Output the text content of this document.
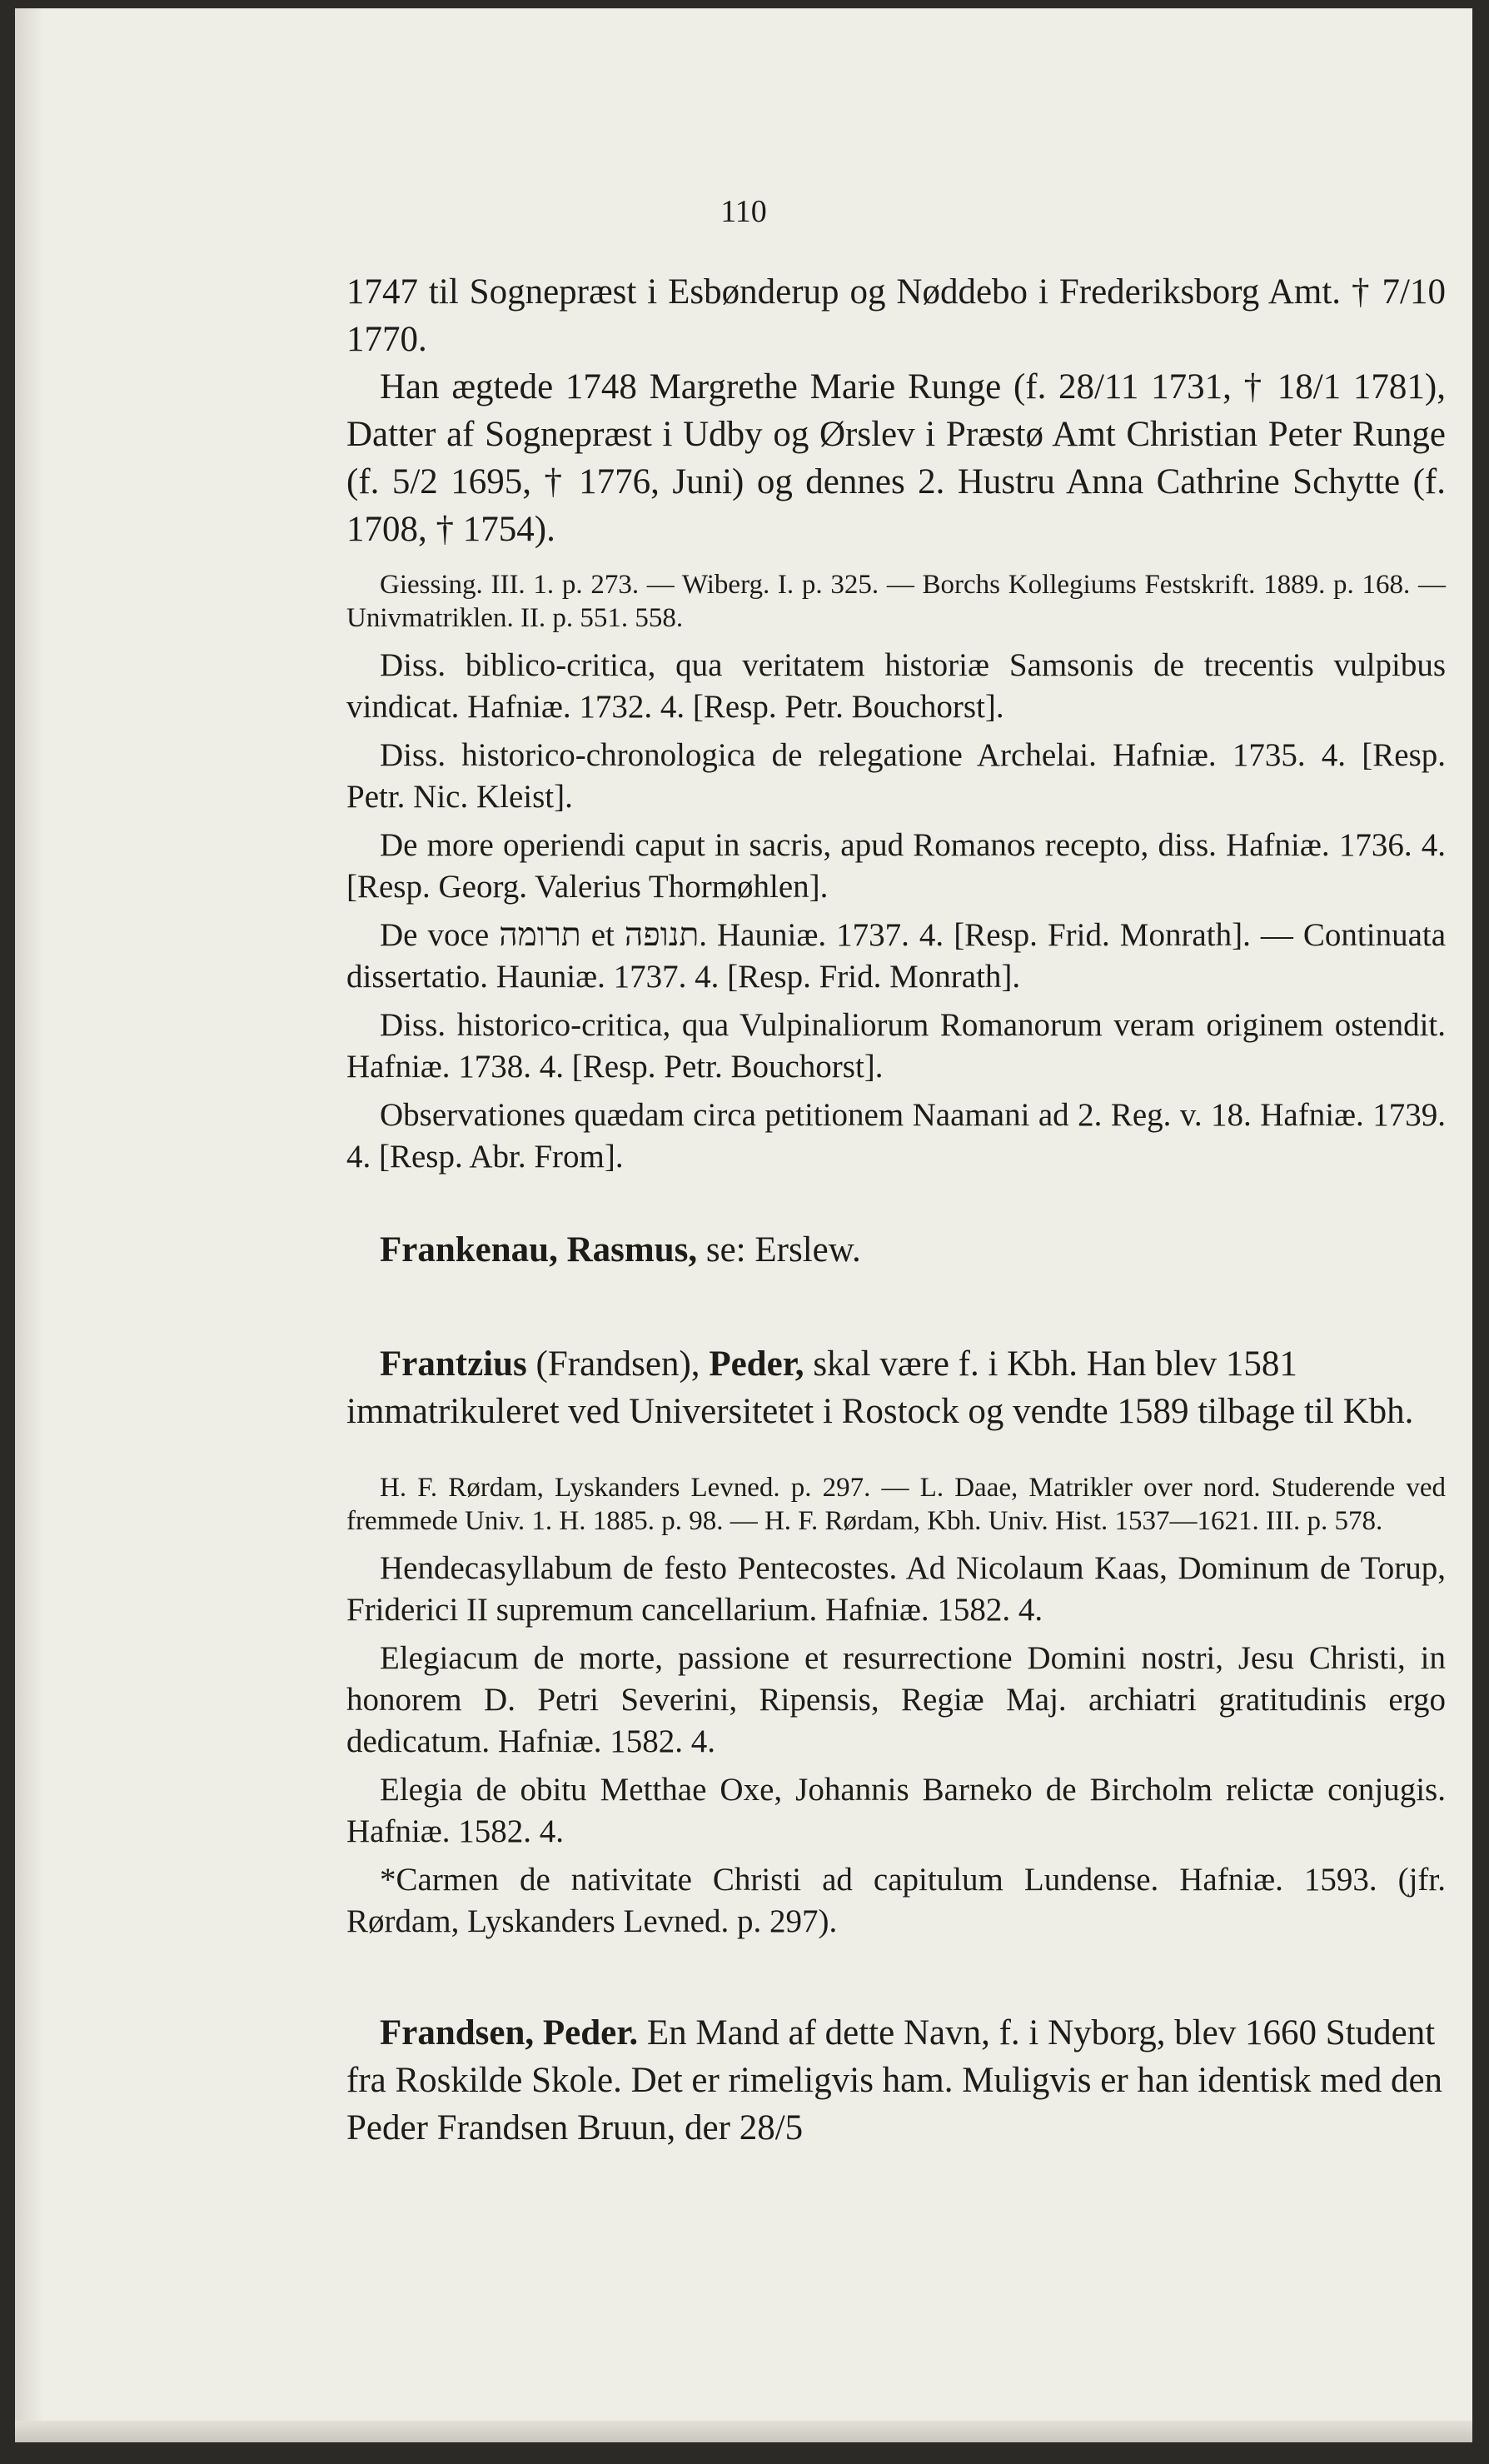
110

1747 til Sognepræst i Esbønderup og Nøddebo i Frederiksborg Amt. † 7/10 1770.

Han ægtede 1748 Margrethe Marie Runge (f. 28/11 1731, † 18/1 1781), Datter af Sognepræst i Udby og Ørslev i Præstø Amt Christian Peter Runge (f. 5/2 1695, † 1776, Juni) og dennes 2. Hustru Anna Cathrine Schytte (f. 1708, † 1754).

Giessing. III. 1. p. 273. — Wiberg. I. p. 325. — Borchs Kollegiums Festskrift. 1889. p. 168. — Univmatriklen. II. p. 551. 558.

Diss. biblico-critica, qua veritatem historiæ Samsonis de trecentis vulpibus vindicat. Hafniæ. 1732. 4. [Resp. Petr. Bouchorst].

Diss. historico-chronologica de relegatione Archelai. Hafniæ. 1735. 4. [Resp. Petr. Nic. Kleist].

De more operiendi caput in sacris, apud Romanos recepto, diss. Hafniæ. 1736. 4. [Resp. Georg. Valerius Thormøhlen].

De voce תרומה et תנופה. Hauniæ. 1737. 4. [Resp. Frid. Monrath]. — Continuata dissertatio. Hauniæ. 1737. 4. [Resp. Frid. Monrath].

Diss. historico-critica, qua Vulpinaliorum Romanorum veram originem ostendit. Hafniæ. 1738. 4. [Resp. Petr. Bouchorst].

Observationes quædam circa petitionem Naamani ad 2. Reg. v. 18. Hafniæ. 1739. 4. [Resp. Abr. From].

Frankenau, Rasmus, se: Erslew.

Frantzius (Frandsen), Peder, skal være f. i Kbh. Han blev 1581 immatrikuleret ved Universitetet i Rostock og vendte 1589 tilbage til Kbh.

H. F. Rørdam, Lyskanders Levned. p. 297. — L. Daae, Matrikler over nord. Studerende ved fremmede Univ. 1. H. 1885. p. 98. — H. F. Rørdam, Kbh. Univ. Hist. 1537—1621. III. p. 578.

Hendecasyllabum de festo Pentecostes. Ad Nicolaum Kaas, Dominum de Torup, Friderici II supremum cancellarium. Hafniæ. 1582. 4.

Elegiacum de morte, passione et resurrectione Domini nostri, Jesu Christi, in honorem D. Petri Severini, Ripensis, Regiæ Maj. archiatri gratitudinis ergo dedicatum. Hafniæ. 1582. 4.

Elegia de obitu Metthae Oxe, Johannis Barneko de Bircholm relictæ conjugis. Hafniæ. 1582. 4.

*Carmen de nativitate Christi ad capitulum Lundense. Hafniæ. 1593. (jfr. Rørdam, Lyskanders Levned. p. 297).

Frandsen, Peder. En Mand af dette Navn, f. i Nyborg, blev 1660 Student fra Roskilde Skole. Det er rimeligvis ham. Muligvis er han identisk med den Peder Frandsen Bruun, der 28/5
